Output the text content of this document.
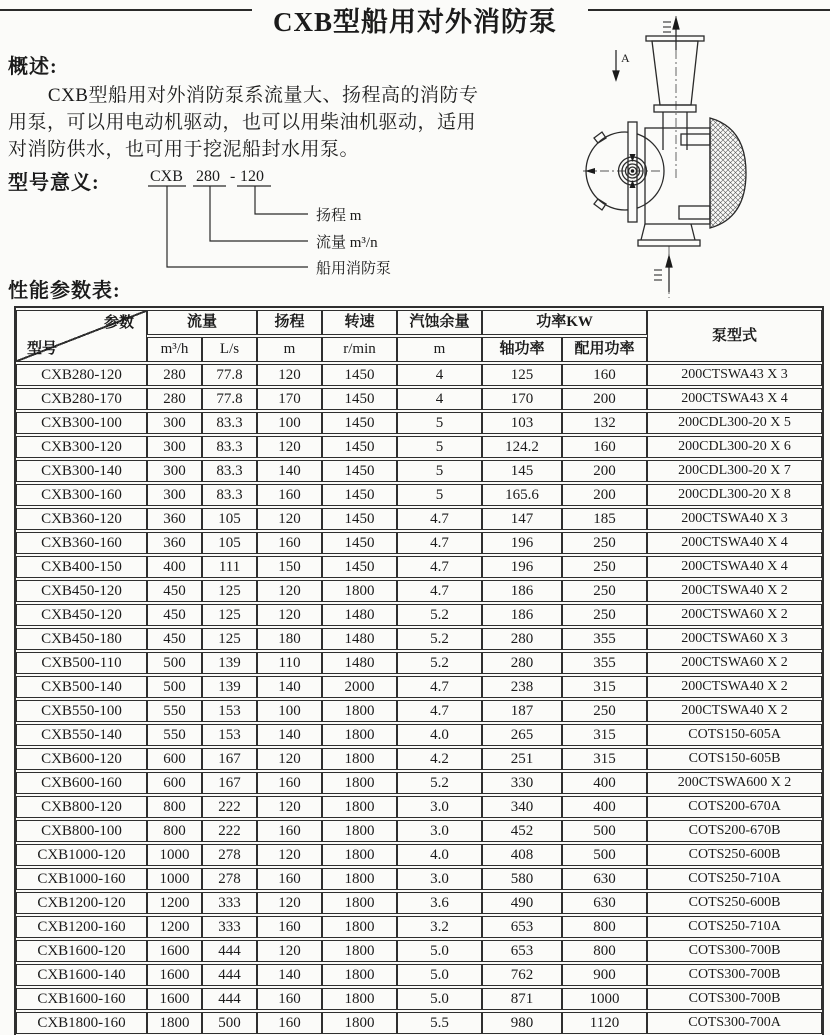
CXB型船用对外消防泵
概述:
CXB型船用对外消防泵系流量大、扬程高的消防专
用泵，可以用电动机驱动，也可以用柴油机驱动，适用
对消防供水，也可用于挖泥船封水用泵。
型号意义:	CXB 280 - 120
扬程 m
流量 m³/n
船用消防泵
A
性能参数表:
参数
型号	流量		扬程	转速	汽蚀余量	功率KW		泵型式
	m³/h	L/s	m	r/min	m	轴功率	配用功率	
CXB280-120	280	77.8	120	1450	4	125	160	200CTSWA43 X 3
CXB280-170	280	77.8	170	1450	4	170	200	200CTSWA43 X 4
CXB300-100	300	83.3	100	1450	5	103	132	200CDL300-20 X 5
CXB300-120	300	83.3	120	1450	5	124.2	160	200CDL300-20 X 6
CXB300-140	300	83.3	140	1450	5	145	200	200CDL300-20 X 7
CXB300-160	300	83.3	160	1450	5	165.6	200	200CDL300-20 X 8
CXB360-120	360	105	120	1450	4.7	147	185	200CTSWA40 X 3
CXB360-160	360	105	160	1450	4.7	196	250	200CTSWA40 X 4
CXB400-150	400	111	150	1450	4.7	196	250	200CTSWA40 X 4
CXB450-120	450	125	120	1800	4.7	186	250	200CTSWA40 X 2
CXB450-120	450	125	120	1480	5.2	186	250	200CTSWA60 X 2
CXB450-180	450	125	180	1480	5.2	280	355	200CTSWA60 X 3
CXB500-110	500	139	110	1480	5.2	280	355	200CTSWA60 X 2
CXB500-140	500	139	140	2000	4.7	238	315	200CTSWA40 X 2
CXB550-100	550	153	100	1800	4.7	187	250	200CTSWA40 X 2
CXB550-140	550	153	140	1800	4.0	265	315	COTS150-605A
CXB600-120	600	167	120	1800	4.2	251	315	COTS150-605B
CXB600-160	600	167	160	1800	5.2	330	400	200CTSWA600 X 2
CXB800-120	800	222	120	1800	3.0	340	400	COTS200-670A
CXB800-100	800	222	160	1800	3.0	452	500	COTS200-670B
CXB1000-120	1000	278	120	1800	4.0	408	500	COTS250-600B
CXB1000-160	1000	278	160	1800	3.0	580	630	COTS250-710A
CXB1200-120	1200	333	120	1800	3.6	490	630	COTS250-600B
CXB1200-160	1200	333	160	1800	3.2	653	800	COTS250-710A
CXB1600-120	1600	444	120	1800	5.0	653	800	COTS300-700B
CXB1600-140	1600	444	140	1800	5.0	762	900	COTS300-700B
CXB1600-160	1600	444	160	1800	5.0	871	1000	COTS300-700B
CXB1800-160	1800	500	160	1800	5.5	980	1120	COTS300-700A
